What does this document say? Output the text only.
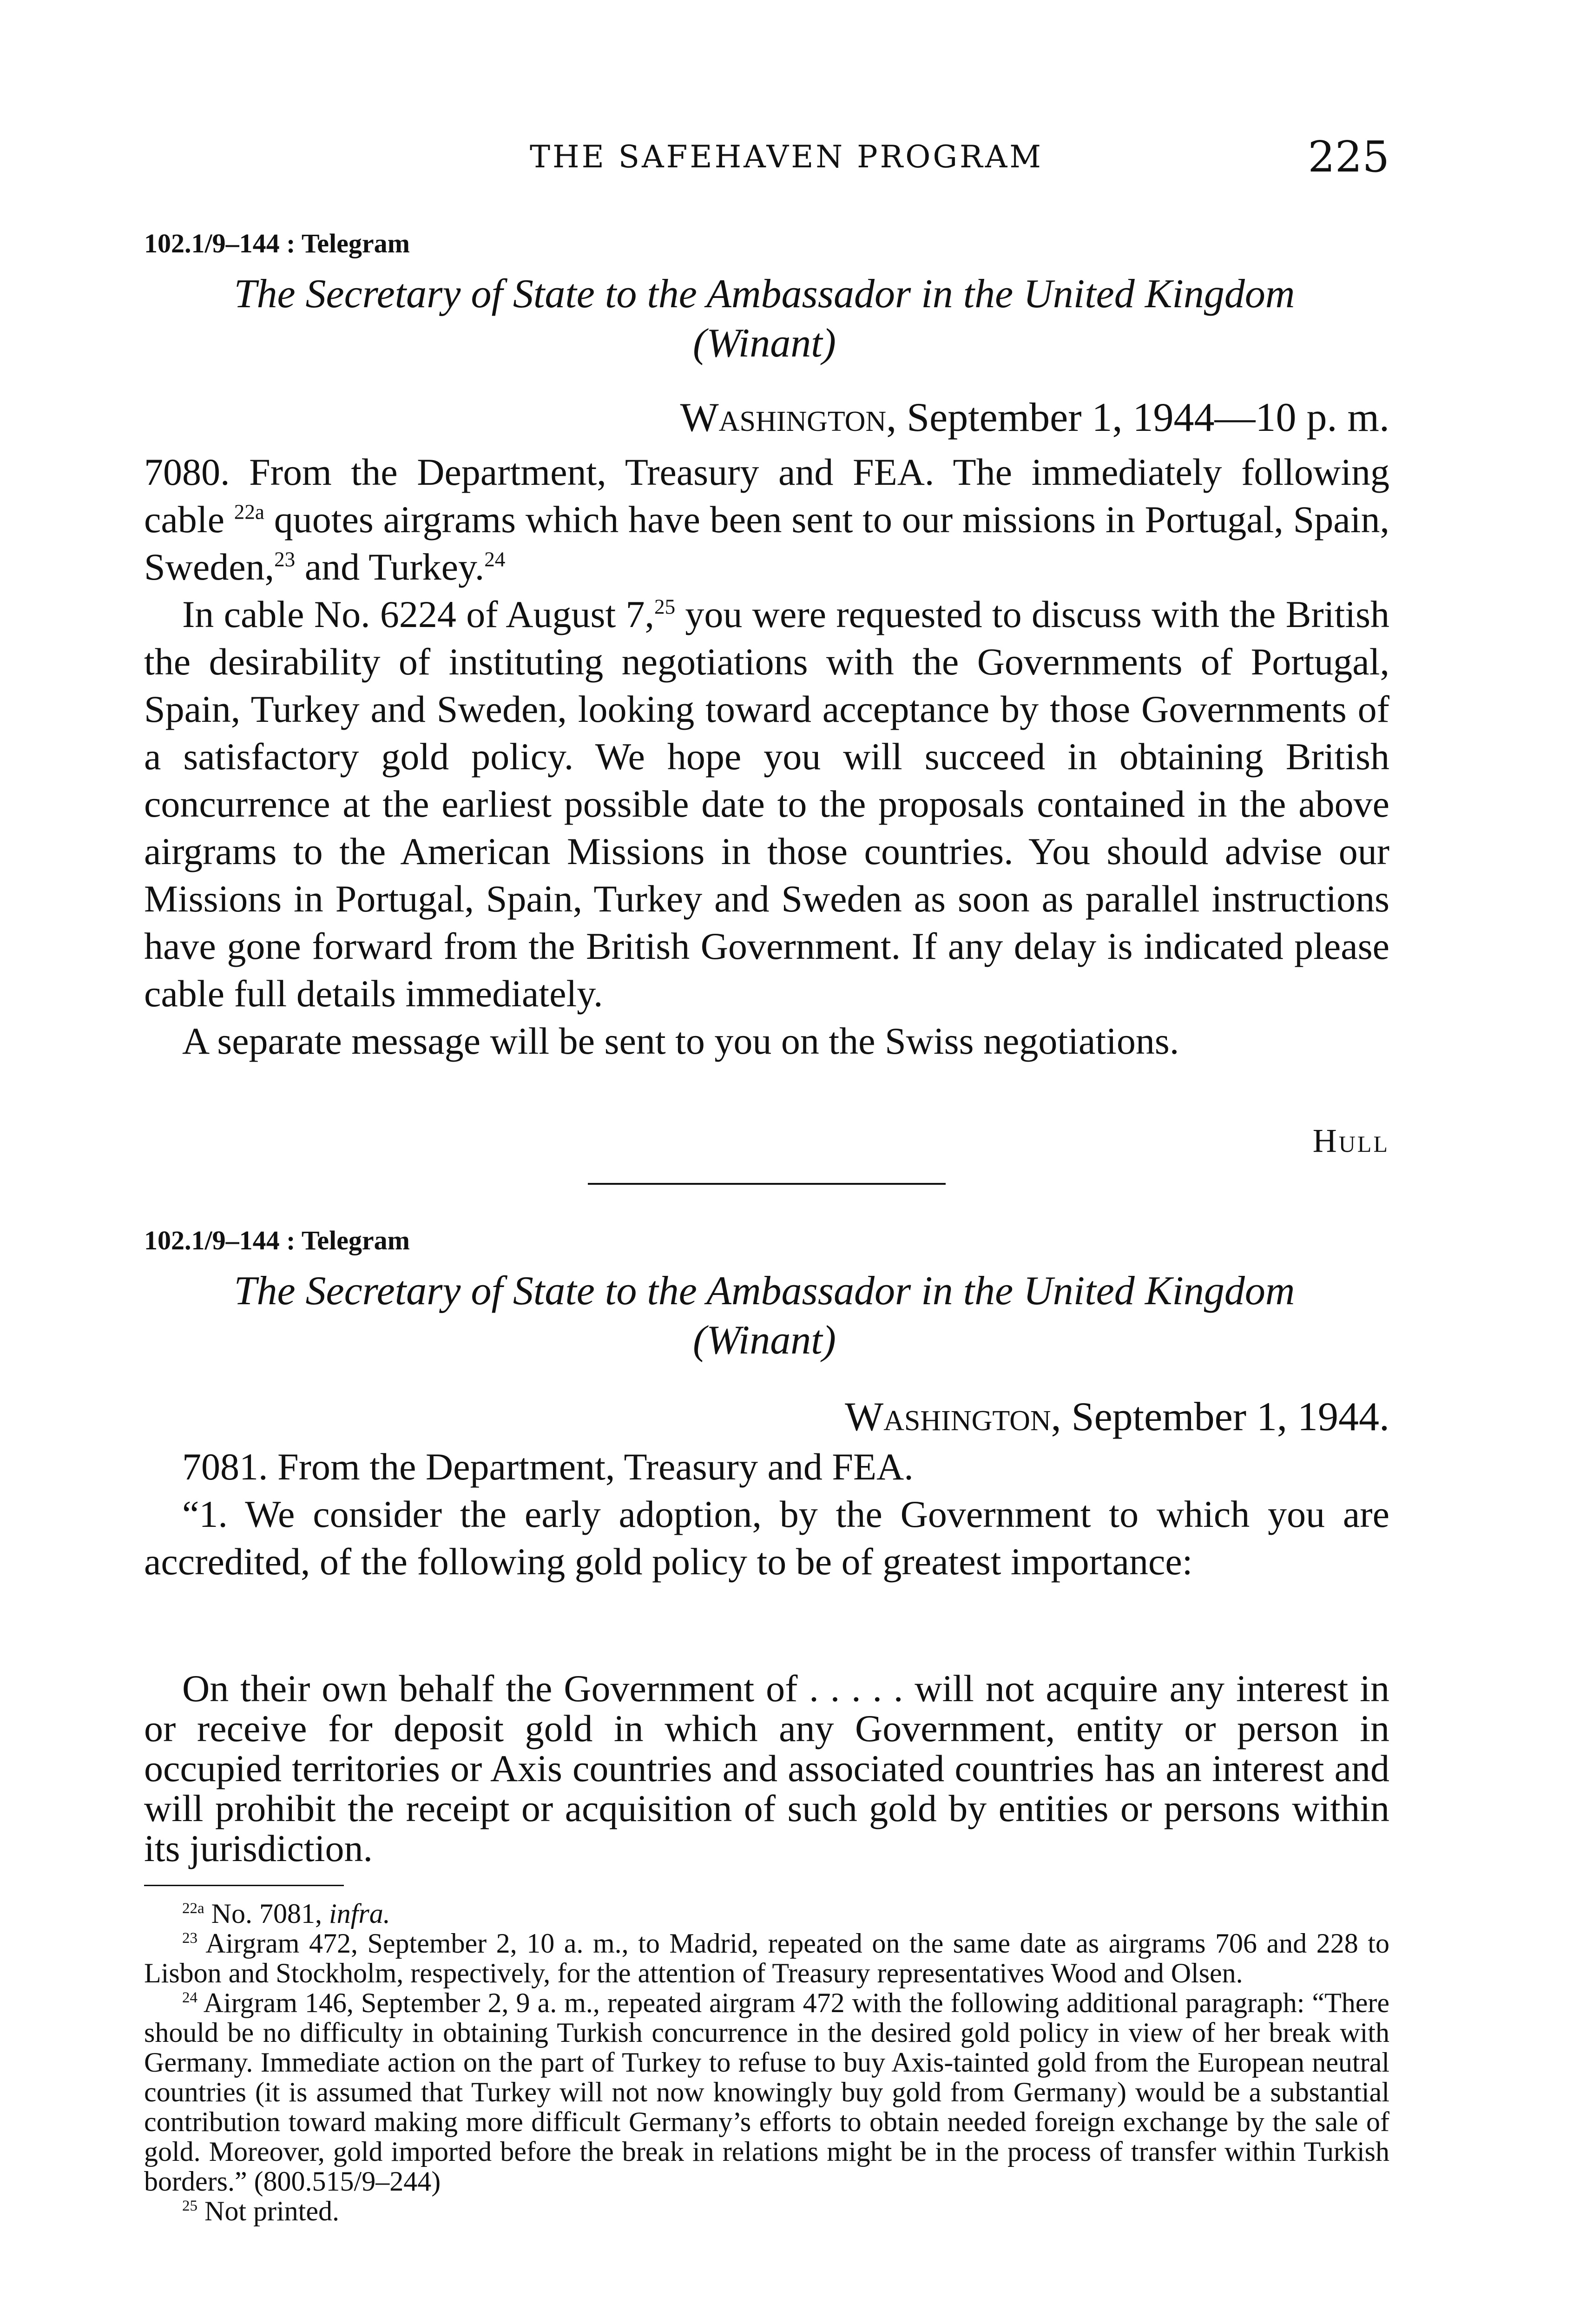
THE SAFEHAVEN PROGRAM	225
102.1/9–144 : Telegram
The Secretary of State to the Ambassador in the United Kingdom
(Winant)
Washington, September 1, 1944—10 p. m.

7080. From the Department, Treasury and FEA. The immediately following cable $^{22a}$ quotes airgrams which have been sent to our missions in Portugal, Spain, Sweden,$^{23}$ and Turkey.$^{24}$

In cable No. 6224 of August 7,25 you were requested to discuss with the British the desirability of instituting negotiations with the Governments of Portugal, Spain, Turkey and Sweden, looking toward acceptance by those Governments of a satisfactory gold policy. We hope you will succeed in obtaining British concurrence at the earliest possible date to the proposals contained in the above airgrams to the American Missions in those countries. You should advise our Missions in Portugal, Spain, Turkey and Sweden as soon as parallel instructions have gone forward from the British Government. If any delay is indicated please cable full details immediately.

A separate message will be sent to you on the Swiss negotiations.

Hull
102.1/9–144 : Telegram
The Secretary of State to the Ambassador in the United Kingdom
(Winant)
Washington, September 1, 1944.

7081. From the Department, Treasury and FEA.

“1. We consider the early adoption, by the Government to which you are accredited, of the following gold policy to be of greatest importance:

On their own behalf the Government of . . . . . will not acquire any interest in or receive for deposit gold in which any Government, entity or person in occupied territories or Axis countries and associated countries has an interest and will prohibit the receipt or acquisition of such gold by entities or persons within its jurisdiction.

$^{22a}$ No. 7081, infra.

$^{23}$ Airgram 472, September 2, 10 a. m., to Madrid, repeated on the same date as airgrams 706 and 228 to Lisbon and Stockholm, respectively, for the attention of Treasury representatives Wood and Olsen.

$^{24}$ Airgram 146, September 2, 9 a. m., repeated airgram 472 with the following additional paragraph: “There should be no difficulty in obtaining Turkish concurrence in the desired gold policy in view of her break with Germany. Immediate action on the part of Turkey to refuse to buy Axis-tainted gold from the European neutral countries (it is assumed that Turkey will not now knowingly buy gold from Germany) would be a substantial contribution toward making more difficult Germany’s efforts to obtain needed foreign exchange by the sale of gold. Moreover, gold imported before the break in relations might be in the process of transfer within Turkish borders.” (800.515/9–244)

$^{25}$ Not printed.
